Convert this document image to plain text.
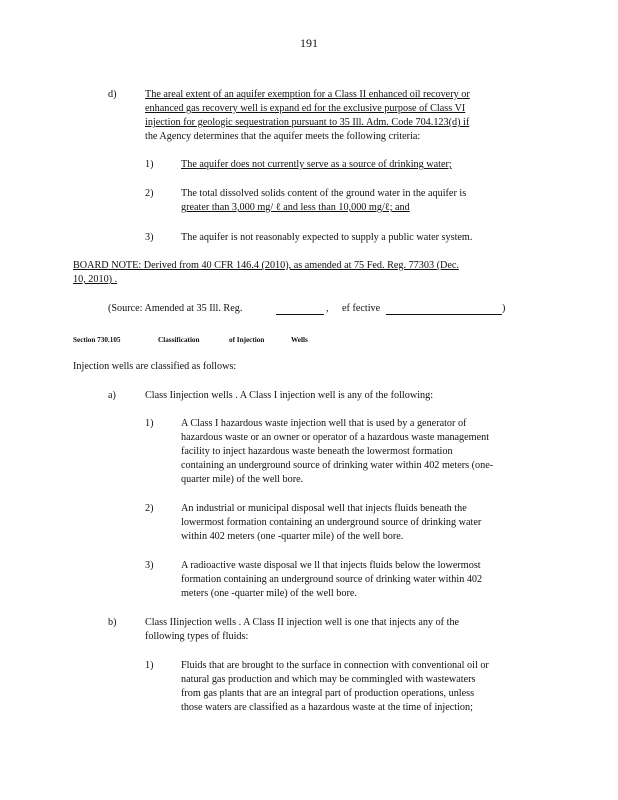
191
d)	The areal extent of an aquifer exemption for a Class II enhanced oil recovery or
enhanced gas recovery well is expand ed for the exclusive purpose of Class VI
injection for geologic sequestration pursuant to 35 Ill. Adm. Code 704.123(d) if
the Agency determines that the aquifer meets the following criteria:
1)	The aquifer does not currently serve as a source of drinking water;
2)	The total dissolved solids content of the ground water in the aquifer is
greater than 3,000 mg/ ℓ and less than 10,000 mg/ℓ; and
3)	The aquifer is not reasonably expected to supply a public water system.
BOARD NOTE: Derived from 40 CFR 146.4 (2010), as amended at 75 Fed. Reg. 77303 (Dec.
10, 2010) .
(Source: Amended at 35 Ill. Reg.	, ef fective	)
Section 730.105	Classification	of Injection	Wells
Injection wells are classified as follows:
a)	Class Iinjection wells . A Class I injection well is any of the following:
1)	A Class I hazardous waste injection well that is used by a generator of
hazardous waste or an owner or operator of a hazardous waste management
facility to inject hazardous waste beneath the lowermost formation
containing an underground source of drinking water within 402 meters (one-
quarter mile) of the well bore.
2)	An industrial or municipal disposal well that injects fluids beneath the
lowermost formation containing an underground source of drinking water
within 402 meters (one -quarter mile) of the well bore.
3)	A radioactive waste disposal we ll that injects fluids below the lowermost
formation containing an underground source of drinking water within 402
meters (one -quarter mile) of the well bore.
b)	Class IIinjection wells . A Class II injection well is one that injects any of the
following types of fluids:
1)	Fluids that are brought to the surface in connection with conventional oil or
natural gas production and which may be commingled with wastewaters
from gas plants that are an integral part of production operations, unless
those waters are classified as a hazardous waste at the time of injection;
